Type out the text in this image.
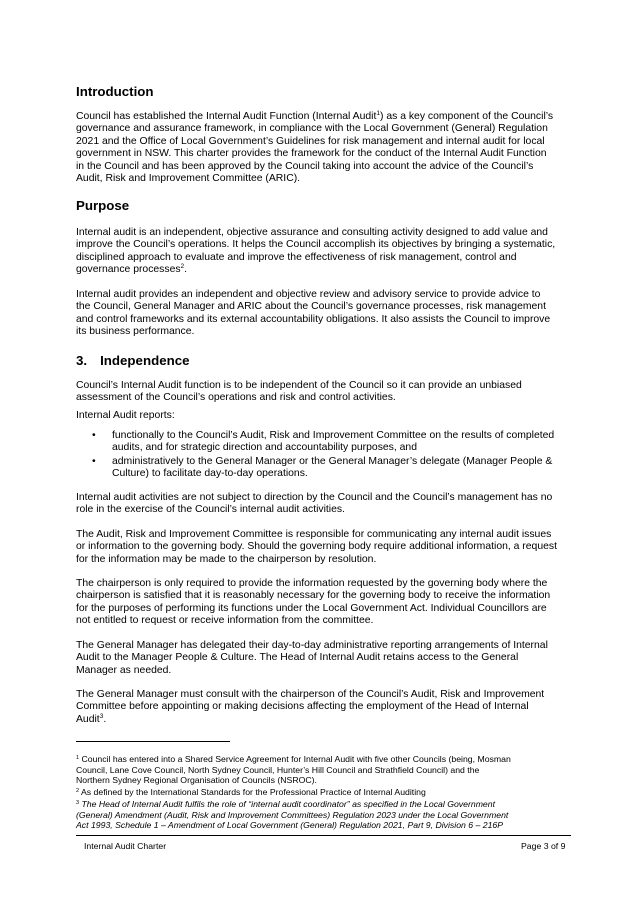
Introduction
Council has established the Internal Audit Function (Internal Audit$^1$) as a key component of the Council’s
governance and assurance framework, in compliance with the Local Government (General) Regulation
2021 and the Office of Local Government’s Guidelines for risk management and internal audit for local
government in NSW. This charter provides the framework for the conduct of the Internal Audit Function
in the Council and has been approved by the Council taking into account the advice of the Council’s
Audit, Risk and Improvement Committee (ARIC).
Purpose
Internal audit is an independent, objective assurance and consulting activity designed to add value and
improve the Council’s operations. It helps the Council accomplish its objectives by bringing a systematic,
disciplined approach to evaluate and improve the effectiveness of risk management, control and
governance processes$^2$.
Internal audit provides an independent and objective review and advisory service to provide advice to
the Council, General Manager and ARIC about the Council’s governance processes, risk management
and control frameworks and its external accountability obligations. It also assists the Council to improve
its business performance.
3. Independence
Council’s Internal Audit function is to be independent of the Council so it can provide an unbiased
assessment of the Council’s operations and risk and control activities.
Internal Audit reports:
• functionally to the Council’s Audit, Risk and Improvement Committee on the results of completed
audits, and for strategic direction and accountability purposes, and
• administratively to the General Manager or the General Manager’s delegate (Manager People &
Culture) to facilitate day-to-day operations.
Internal audit activities are not subject to direction by the Council and the Council’s management has no
role in the exercise of the Council’s internal audit activities.
The Audit, Risk and Improvement Committee is responsible for communicating any internal audit issues
or information to the governing body. Should the governing body require additional information, a request
for the information may be made to the chairperson by resolution.
The chairperson is only required to provide the information requested by the governing body where the
chairperson is satisfied that it is reasonably necessary for the governing body to receive the information
for the purposes of performing its functions under the Local Government Act. Individual Councillors are
not entitled to request or receive information from the committee.
The General Manager has delegated their day-to-day administrative reporting arrangements of Internal
Audit to the Manager People & Culture. The Head of Internal Audit retains access to the General
Manager as needed.
The General Manager must consult with the chairperson of the Council’s Audit, Risk and Improvement
Committee before appointing or making decisions affecting the employment of the Head of Internal
Audit$^3$.
$^1$ Council has entered into a Shared Service Agreement for Internal Audit with five other Councils (being, Mosman
Council, Lane Cove Council, North Sydney Council, Hunter’s Hill Council and Strathfield Council) and the
Northern Sydney Regional Organisation of Councils (NSROC).
$^2$ As defined by the International Standards for the Professional Practice of Internal Auditing
$^3$ The Head of Internal Audit fulfils the role of “internal audit coordinator” as specified in the Local Government
(General) Amendment (Audit, Risk and Improvement Committees) Regulation 2023 under the Local Government
Act 1993, Schedule 1 – Amendment of Local Government (General) Regulation 2021, Part 9, Division 6 – 216P
Internal Audit Charter	Page 3 of 9
